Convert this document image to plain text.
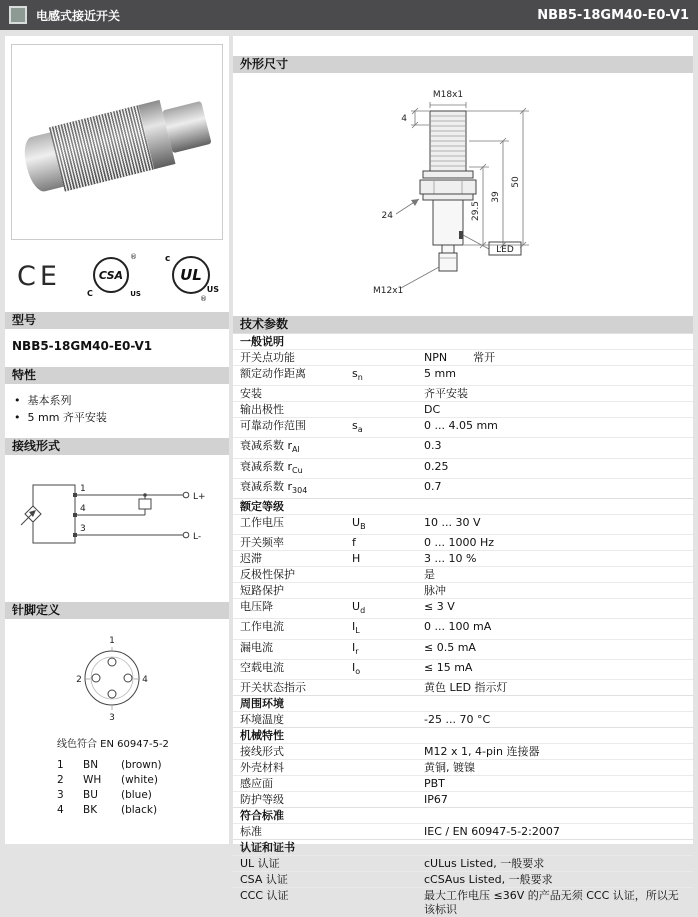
电感式接近开关	NBB5-18GM40-E0-V1
CE	CSA
®
C	US
c
UL
US
®
型号
NBB5-18GM40-E0-V1
特性
• 基本系列
• 5 mm 齐平安装
接线形式
1
4
3
L+
L-
针脚定义
1
2
3
4
线色符合 EN 60947-5-2
1	BN	(brown)
2	WH	(white)
3	BU	(blue)
4	BK	(black)
外形尺寸
M18x1
4
24
LED
M12x1
29.5
39
50
技术参数
一般说明
开关点功能	NPN 常开
额定动作距离	$s_n$	5 mm
安装	齐平安装
输出极性	DC
可靠动作范围	$s_a$	0 ... 4.05 mm
衰减系数 $r_{Al}$	0.3
衰减系数 $r_{Cu}$	0.25
衰减系数 $r_{304}$	0.7
额定等级
工作电压	$U_B$	10 ... 30 V
开关频率	f	0 ... 1000 Hz
迟滞	H	3 ... 10 %
反极性保护	是
短路保护	脉冲
电压降	$U_d$	≤ 3 V
工作电流	$I_L$	0 ... 100 mA
漏电流	$I_r$	≤ 0.5 mA
空载电流	$I_o$	≤ 15 mA
开关状态指示	黄色 LED 指示灯
周围环境
环境温度	-25 ... 70 °C
机械特性
接线形式	M12 x 1, 4-pin 连接器
外壳材料	黄铜, 镀镍
感应面	PBT
防护等级	IP67
符合标准
标准	IEC / EN 60947-5-2:2007
认证和证书
UL 认证	cULus Listed, 一般要求
CSA 认证	cCSAus Listed, 一般要求
CCC 认证	最大工作电压 ≤36V 的产品无须 CCC 认证，所以无该标识
